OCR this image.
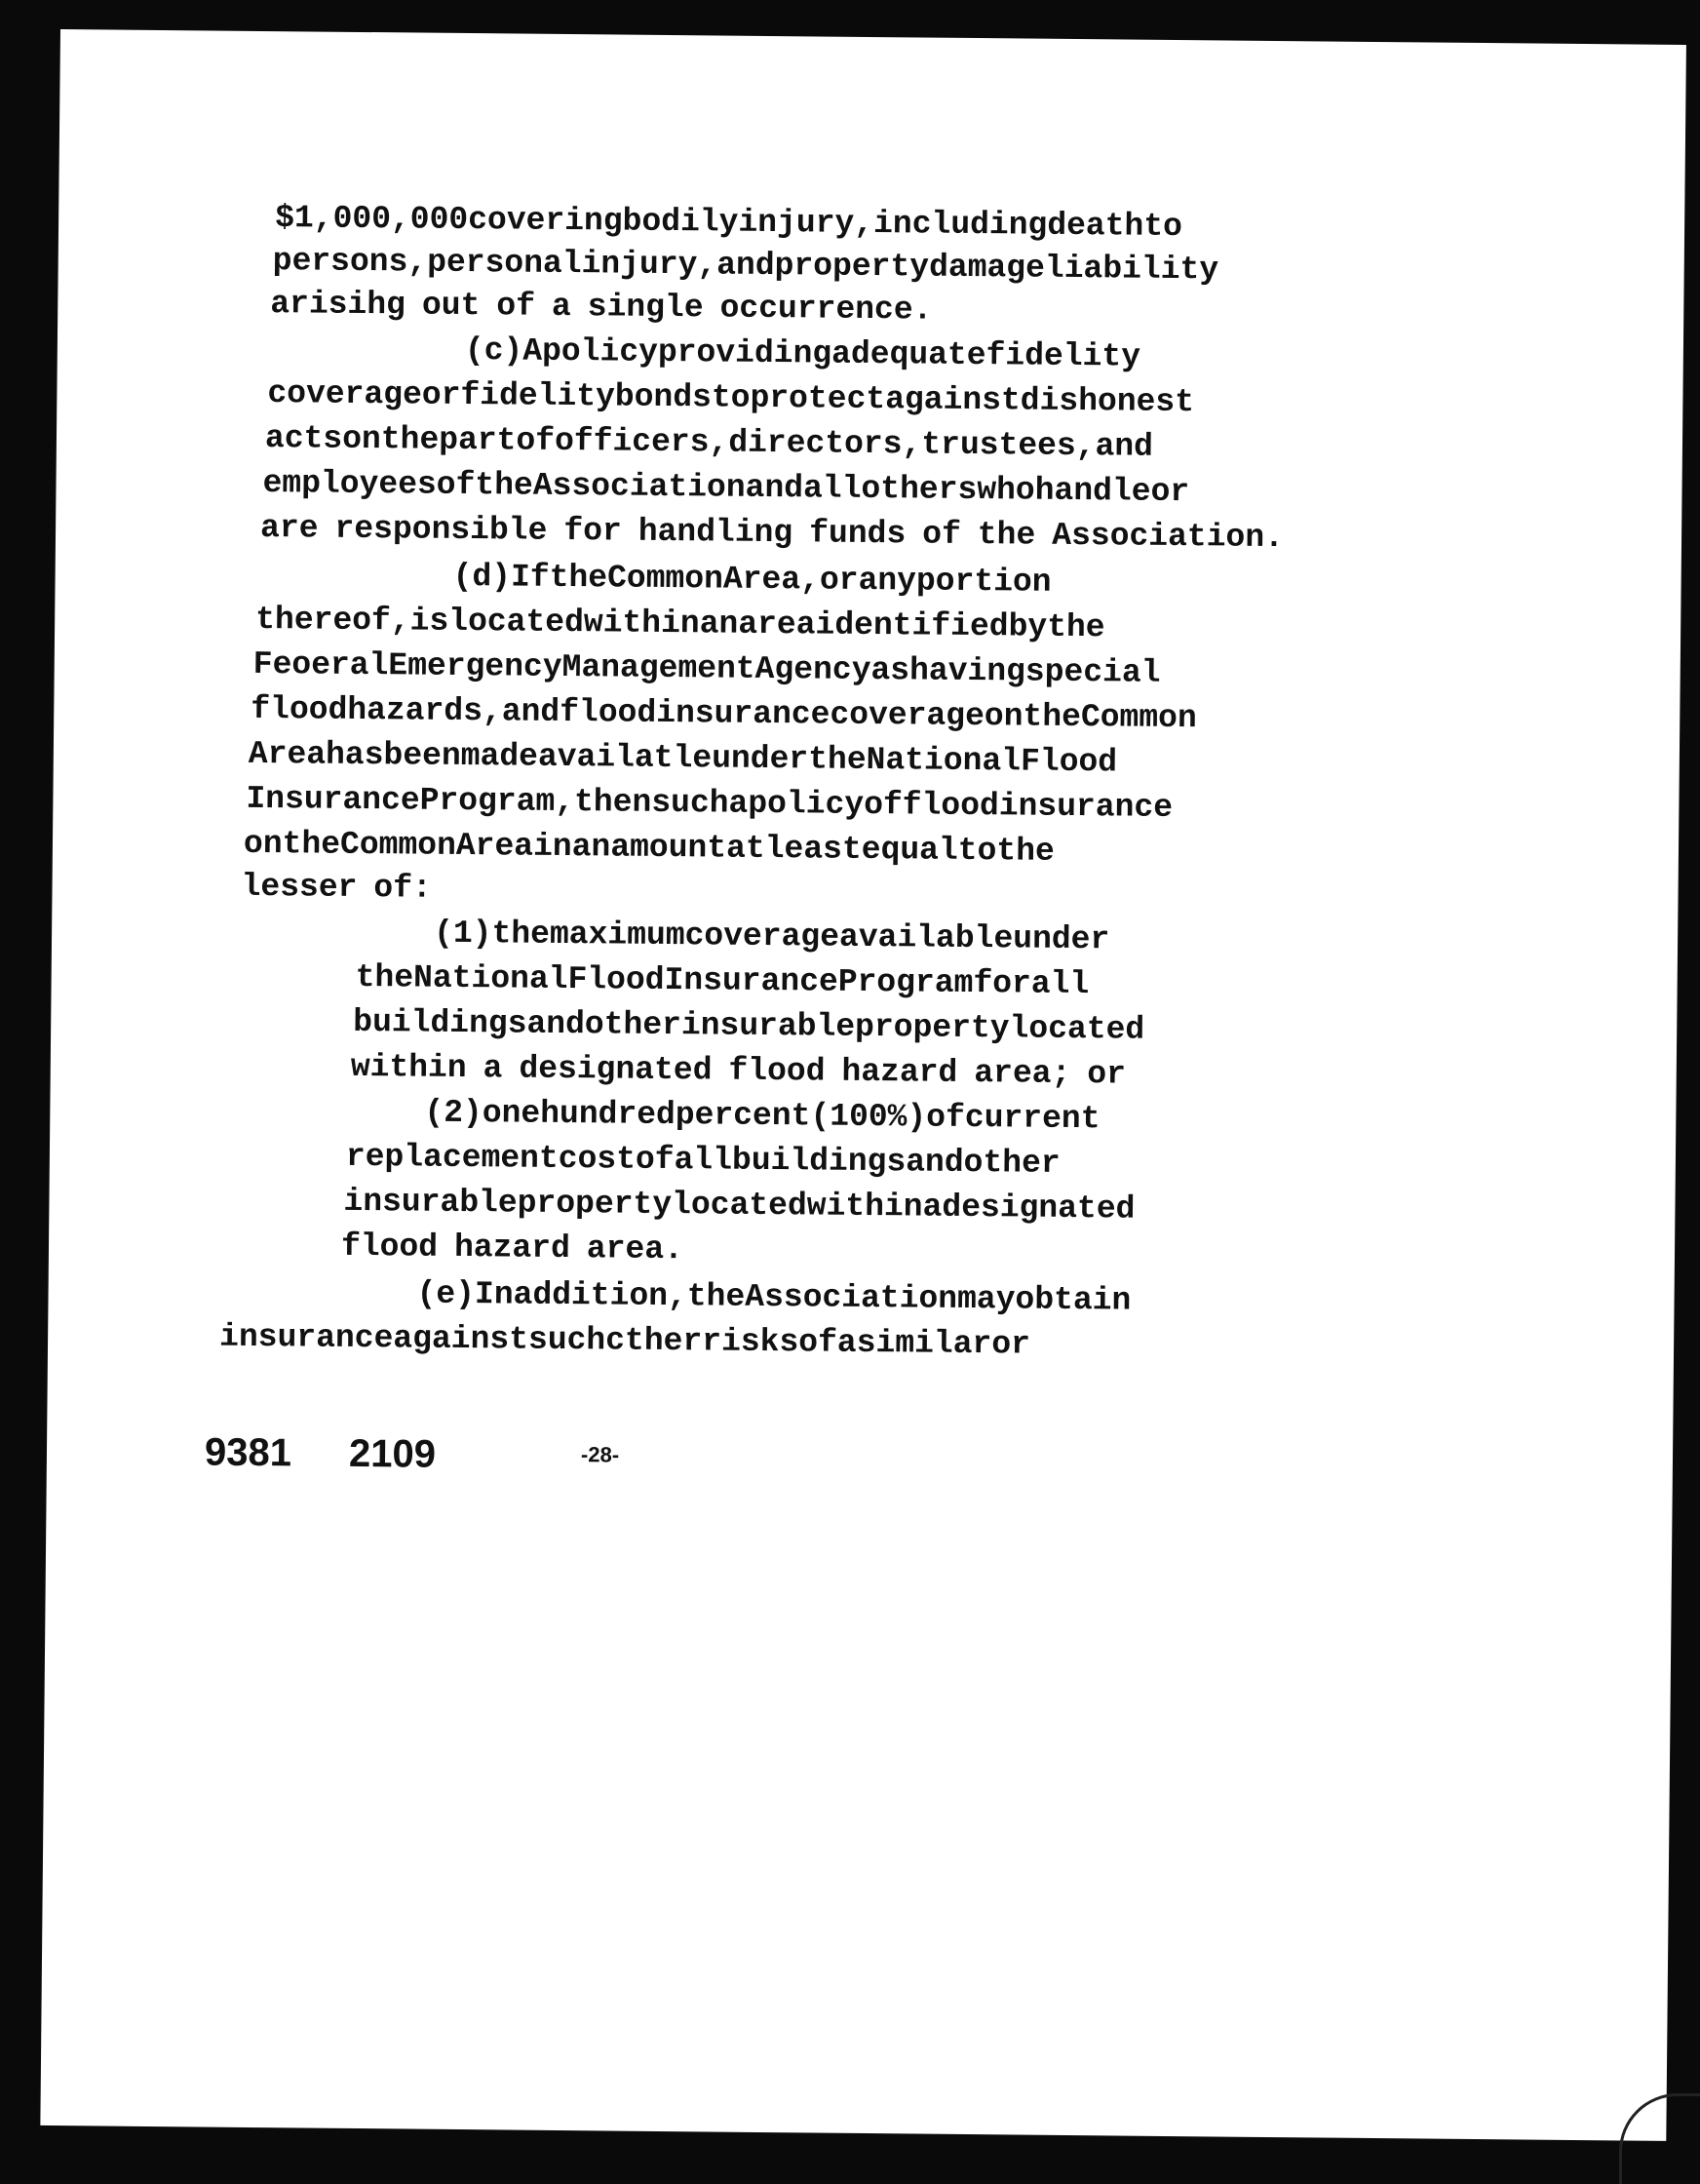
$1,000,000 covering bodily injury, including death to
persons, personal injury, and property damage liability
arisihg out of a single occurrence.
(c) A policy providing adequate fidelity
coverage or fidelity bonds to protect against dishonest
acts on the part of officers, directors, trustees, and
employees of the Association and all others who handle or
are responsible for handling funds of the Association.
(d) If the Common Area, or any portion
thereof, is located within an area identified by the
Feoeral Emergency Management Agency as having special
flood hazards, and flood insurance coverage on the Common
Area has been made availatle under the National Flood
Insurance Program, then such a policy of flood insurance
on the Common Area in an amount at least equal to the
lesser of:
(1) the maximum coverage available under
the National Flood Insurance Program for all
buildings and other insurable property located
within a designated flood hazard area; or
(2) one hundred percent (100%) of current
replacement cost of all buildings and other
insurable property located within a designated
flood hazard area.
(e) In addition, the Association may obtain
insurance against such cther risks of a similar or
9381 2109	-28-
